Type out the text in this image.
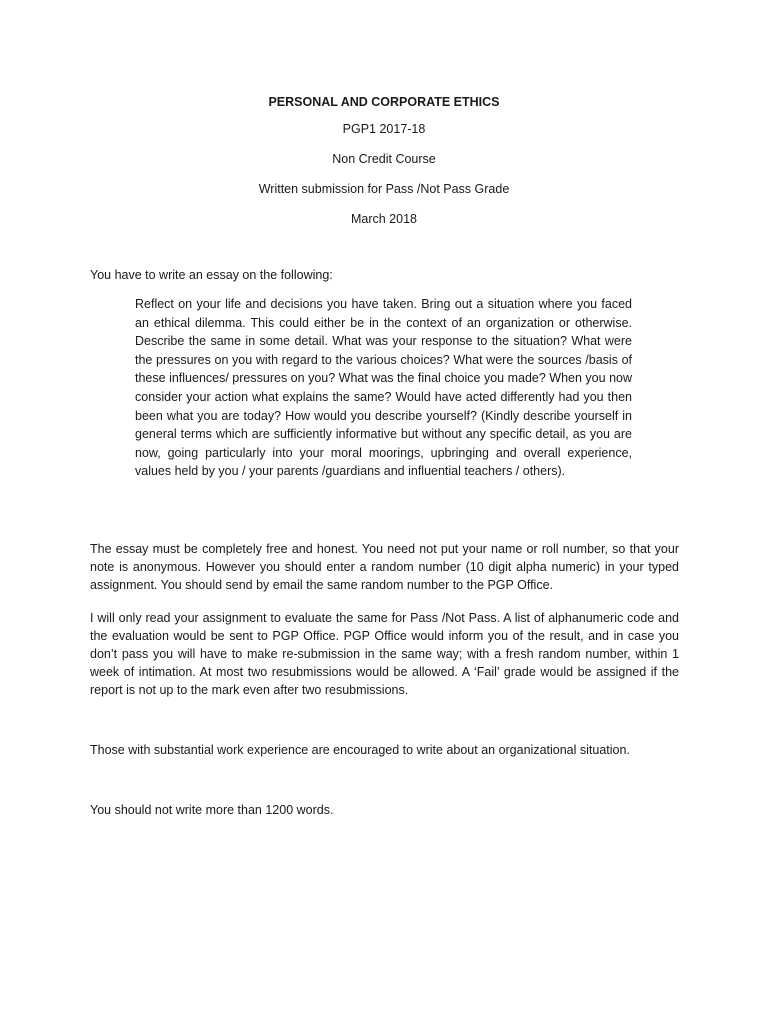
PERSONAL AND CORPORATE ETHICS
PGP1 2017-18
Non Credit Course
Written submission for Pass /Not Pass Grade
March 2018
You have to write an essay on the following:
Reflect on your life and decisions you have taken. Bring out a situation where you faced an ethical dilemma. This could either be in the context of an organization or otherwise. Describe the same in some detail. What was your response to the situation? What were the pressures on you with regard to the various choices? What were the sources /basis of these influences/ pressures on you? What was the final choice you made? When you now consider your action what explains the same? Would have acted differently had you then been what you are today? How would you describe yourself? (Kindly describe yourself in general terms which are sufficiently informative but without any specific detail, as you are now, going particularly into your moral moorings, upbringing and overall experience, values held by you / your parents /guardians and influential teachers / others).
The essay must be completely free and honest. You need not put your name or roll number, so that your note is anonymous. However you should enter a random number (10 digit alpha numeric) in your typed assignment. You should send by email the same random number to the PGP Office.
I will only read your assignment to evaluate the same for Pass /Not Pass. A list of alphanumeric code and the evaluation would be sent to PGP Office. PGP Office would inform you of the result, and in case you don’t pass you will have to make re-submission in the same way; with a fresh random number, within 1 week of intimation. At most two resubmissions would be allowed. A ‘Fail’ grade would be assigned if the report is not up to the mark even after two resubmissions.
Those with substantial work experience are encouraged to write about an organizational situation.
You should not write more than 1200 words.
